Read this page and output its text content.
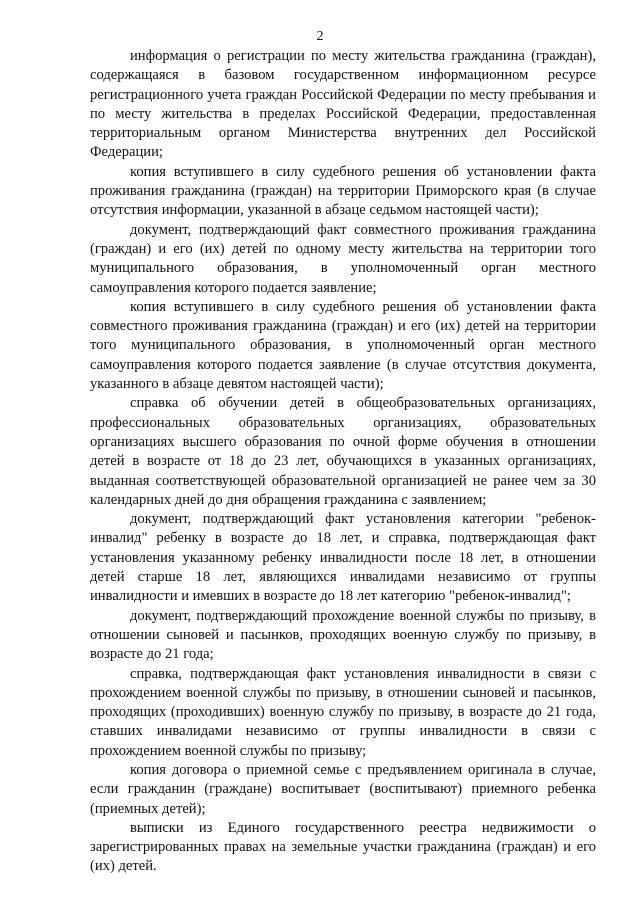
2

информация о регистрации по месту жительства гражданина (граждан), содержащаяся в базовом государственном информационном ресурсе регистрационного учета граждан Российской Федерации по месту пребывания и по месту жительства в пределах Российской Федерации, предоставленная территориальным органом Министерства внутренних дел Российской Федерации;

копия вступившего в силу судебного решения об установлении факта проживания гражданина (граждан) на территории Приморского края (в случае отсутствия информации, указанной в абзаце седьмом настоящей части);

документ, подтверждающий факт совместного проживания гражданина (граждан) и его (их) детей по одному месту жительства на территории того муниципального образования, в уполномоченный орган местного самоуправления которого подается заявление;

копия вступившего в силу судебного решения об установлении факта совместного проживания гражданина (граждан) и его (их) детей на территории того муниципального образования, в уполномоченный орган местного самоуправления которого подается заявление (в случае отсутствия документа, указанного в абзаце девятом настоящей части);

справка об обучении детей в общеобразовательных организациях, профессиональных образовательных организациях, образовательных организациях высшего образования по очной форме обучения в отношении детей в возрасте от 18 до 23 лет, обучающихся в указанных организациях, выданная соответствующей образовательной организацией не ранее чем за 30 календарных дней до дня обращения гражданина с заявлением;

документ, подтверждающий факт установления категории "ребенок-инвалид" ребенку в возрасте до 18 лет, и справка, подтверждающая факт установления указанному ребенку инвалидности после 18 лет, в отношении детей старше 18 лет, являющихся инвалидами независимо от группы инвалидности и имевших в возрасте до 18 лет категорию "ребенок-инвалид";

документ, подтверждающий прохождение военной службы по призыву, в отношении сыновей и пасынков, проходящих военную службу по призыву, в возрасте до 21 года;

справка, подтверждающая факт установления инвалидности в связи с прохождением военной службы по призыву, в отношении сыновей и пасынков, проходящих (проходивших) военную службу по призыву, в возрасте до 21 года, ставших инвалидами независимо от группы инвалидности в связи с прохождением военной службы по призыву;

копия договора о приемной семье с предъявлением оригинала в случае, если гражданин (граждане) воспитывает (воспитывают) приемного ребенка (приемных детей);

выписки из Единого государственного реестра недвижимости о зарегистрированных правах на земельные участки гражданина (граждан) и его (их) детей.
